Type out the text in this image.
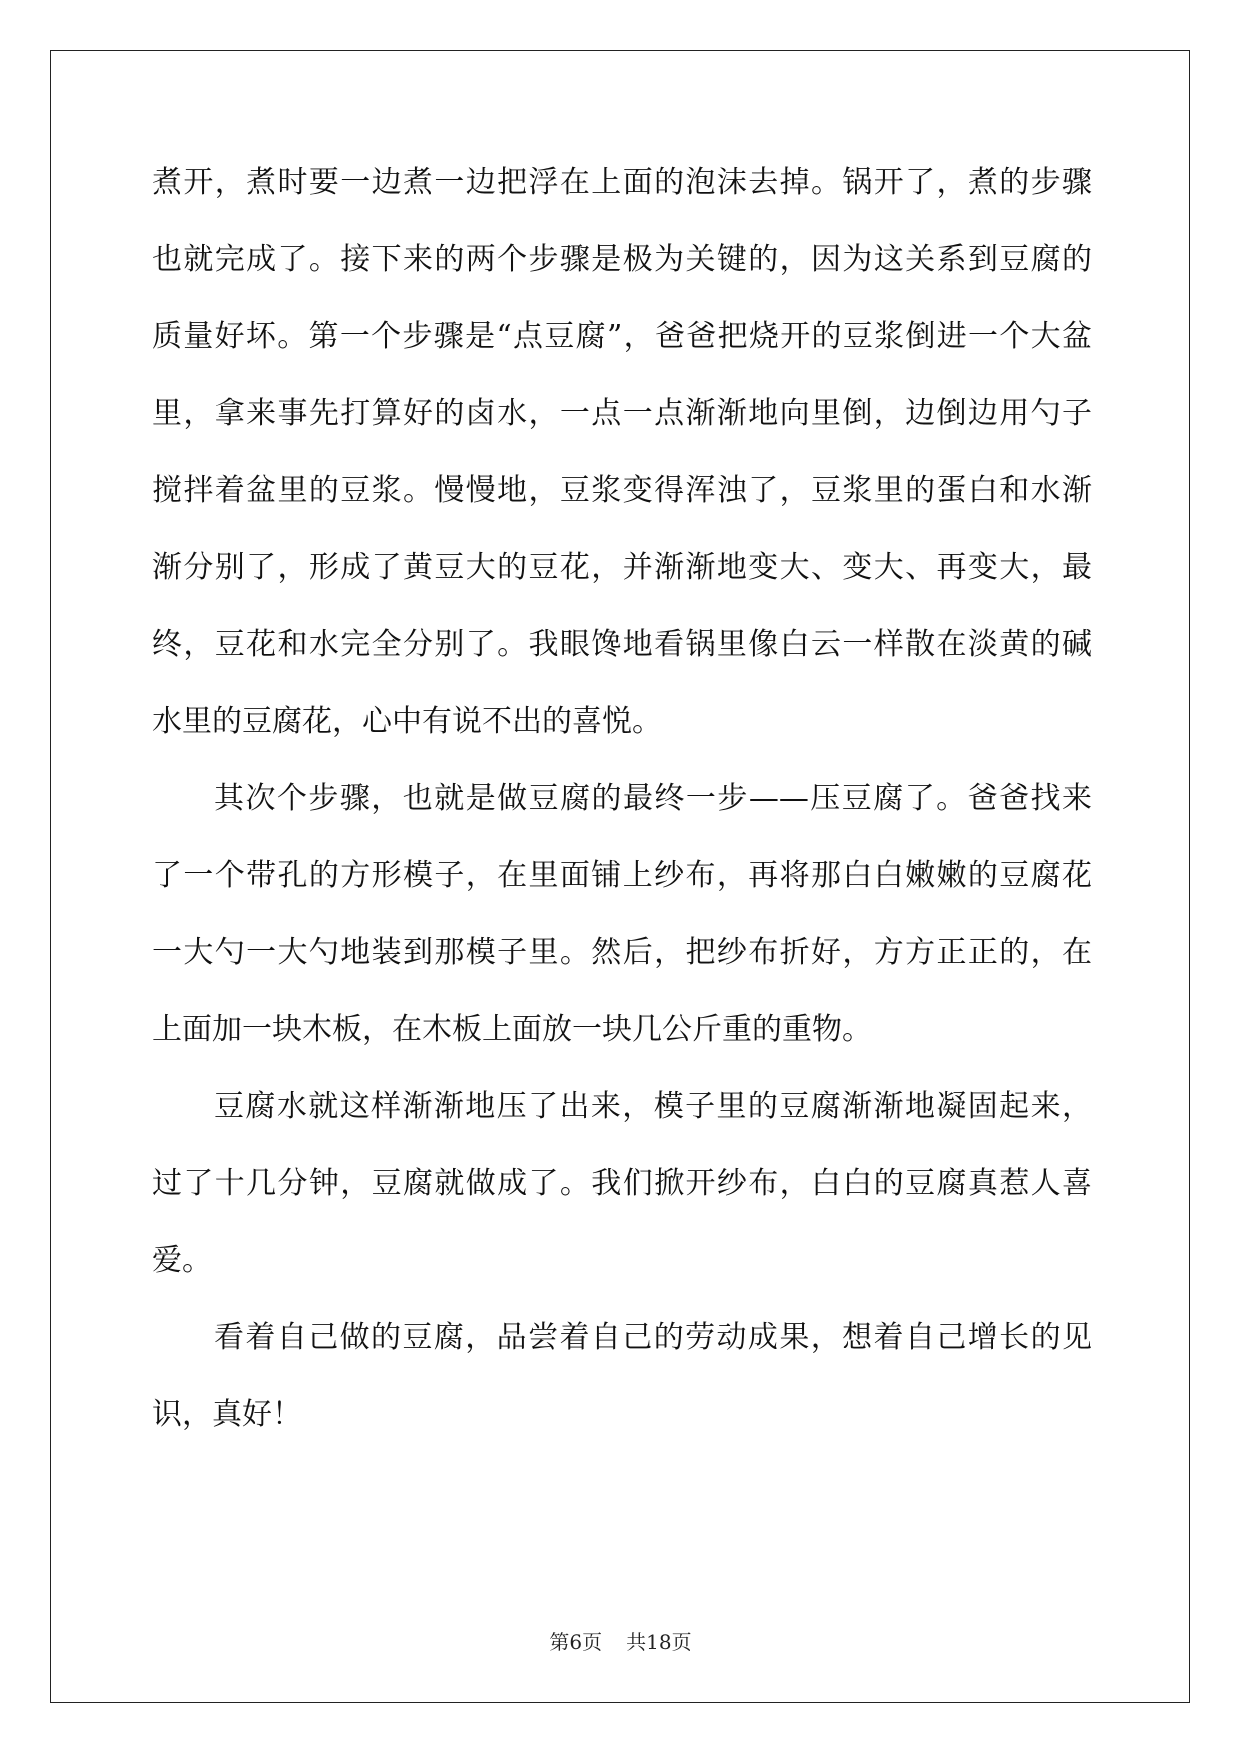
煮开，煮时要一边煮一边把浮在上面的泡沫去掉。锅开了，煮的步骤
也就完成了。接下来的两个步骤是极为关键的，因为这关系到豆腐的
质量好坏。第一个步骤是“点豆腐”，爸爸把烧开的豆浆倒进一个大盆
里，拿来事先打算好的卤水，一点一点渐渐地向里倒，边倒边用勺子
搅拌着盆里的豆浆。慢慢地，豆浆变得浑浊了，豆浆里的蛋白和水渐
渐分别了，形成了黄豆大的豆花，并渐渐地变大、变大、再变大，最
终，豆花和水完全分别了。我眼馋地看锅里像白云一样散在淡黄的碱
水里的豆腐花，心中有说不出的喜悦。
其次个步骤，也就是做豆腐的最终一步——压豆腐了。爸爸找来
了一个带孔的方形模子，在里面铺上纱布，再将那白白嫩嫩的豆腐花
一大勺一大勺地装到那模子里。然后，把纱布折好，方方正正的，在
上面加一块木板，在木板上面放一块几公斤重的重物。
豆腐水就这样渐渐地压了出来，模子里的豆腐渐渐地凝固起来，
过了十几分钟，豆腐就做成了。我们掀开纱布，白白的豆腐真惹人喜
爱。
看着自己做的豆腐，品尝着自己的劳动成果，想着自己增长的见
识，真好！
第6页 共18页
